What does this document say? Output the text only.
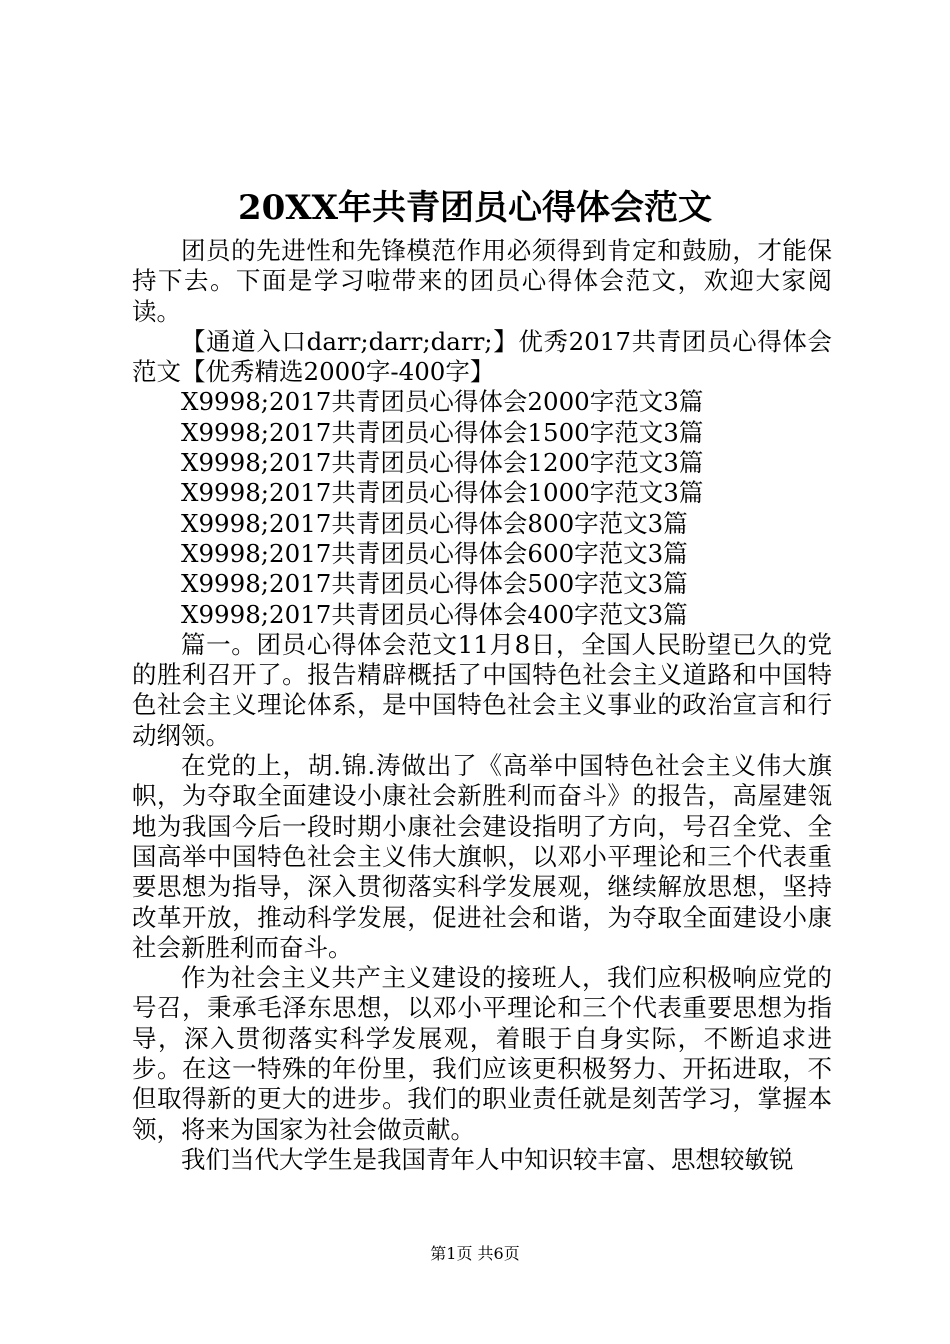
20XX年共青团员心得体会范文

团员的先进性和先锋模范作用必须得到肯定和鼓励，才能保持下去。下面是学习啦带来的团员心得体会范文，欢迎大家阅读。

【通道入口darr;darr;darr;】优秀2017共青团员心得体会范文【优秀精选2000字-400字】

X9998;2017共青团员心得体会2000字范文3篇

X9998;2017共青团员心得体会1500字范文3篇

X9998;2017共青团员心得体会1200字范文3篇

X9998;2017共青团员心得体会1000字范文3篇

X9998;2017共青团员心得体会800字范文3篇

X9998;2017共青团员心得体会600字范文3篇

X9998;2017共青团员心得体会500字范文3篇

X9998;2017共青团员心得体会400字范文3篇

篇一。团员心得体会范文11月8日，全国人民盼望已久的党的胜利召开了。报告精辟概括了中国特色社会主义道路和中国特色社会主义理论体系，是中国特色社会主义事业的政治宣言和行动纲领。

在党的上，胡.锦.涛做出了《高举中国特色社会主义伟大旗帜，为夺取全面建设小康社会新胜利而奋斗》的报告，高屋建瓴地为我国今后一段时期小康社会建设指明了方向，号召全党、全国高举中国特色社会主义伟大旗帜，以邓小平理论和三个代表重要思想为指导，深入贯彻落实科学发展观，继续解放思想，坚持改革开放，推动科学发展，促进社会和谐，为夺取全面建设小康社会新胜利而奋斗。

作为社会主义共产主义建设的接班人，我们应积极响应党的号召，秉承毛泽东思想，以邓小平理论和三个代表重要思想为指导，深入贯彻落实科学发展观，着眼于自身实际，不断追求进步。在这一特殊的年份里，我们应该更积极努力、开拓进取，不但取得新的更大的进步。我们的职业责任就是刻苦学习，掌握本领，将来为国家为社会做贡献。

我们当代大学生是我国青年人中知识较丰富、思想较敏锐

第1页 共6页
